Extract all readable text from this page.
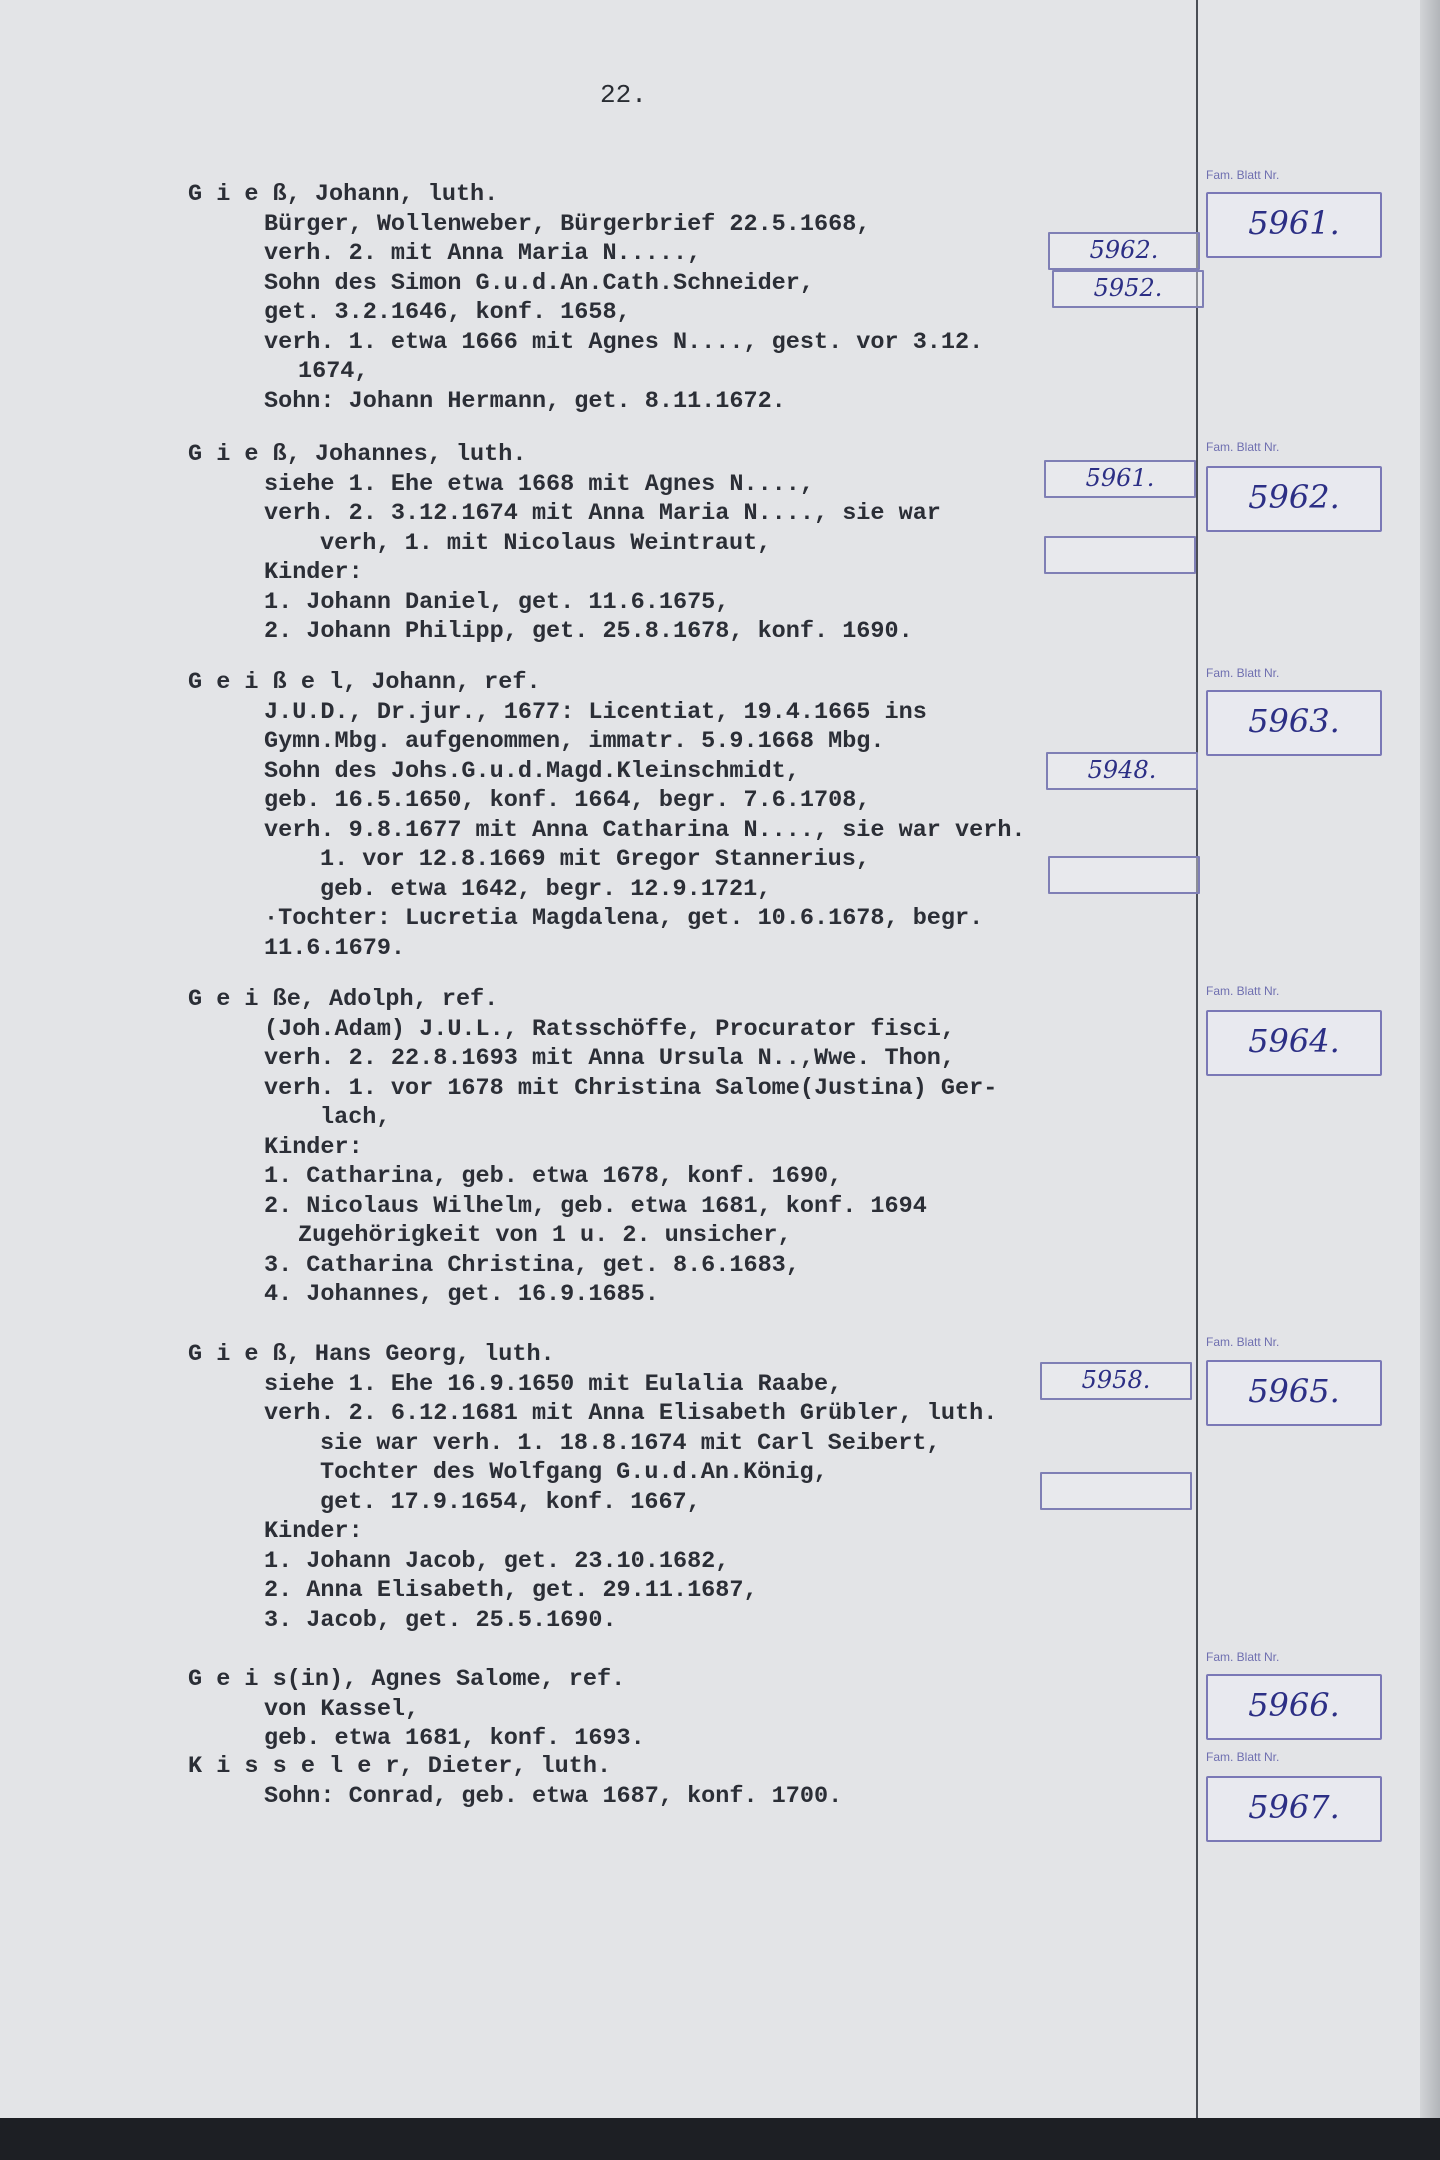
22.
G i e ß, Johann, luth.
Bürger, Wollenweber, Bürgerbrief 22.5.1668,
verh. 2. mit Anna Maria N.....,
Sohn des Simon G.u.d.An.Cath.Schneider,
get. 3.2.1646, konf. 1658,
verh. 1. etwa 1666 mit Agnes N...., gest. vor 3.12.
1674,
Sohn: Johann Hermann, get. 8.11.1672.
G i e ß, Johannes, luth.
siehe 1. Ehe etwa 1668 mit Agnes N....,
verh. 2. 3.12.1674 mit Anna Maria N...., sie war
verh, 1. mit Nicolaus Weintraut,
Kinder:
1. Johann Daniel, get. 11.6.1675,
2. Johann Philipp, get. 25.8.1678, konf. 1690.
G e i ß e l, Johann, ref.
J.U.D., Dr.jur., 1677: Licentiat, 19.4.1665 ins
Gymn.Mbg. aufgenommen, immatr. 5.9.1668 Mbg.
Sohn des Johs.G.u.d.Magd.Kleinschmidt,
geb. 16.5.1650, konf. 1664, begr. 7.6.1708,
verh. 9.8.1677 mit Anna Catharina N...., sie war verh.
1. vor 12.8.1669 mit Gregor Stannerius,
geb. etwa 1642, begr. 12.9.1721,
·Tochter: Lucretia Magdalena, get. 10.6.1678, begr.
11.6.1679.
G e i ße, Adolph, ref.
(Joh.Adam) J.U.L., Ratsschöffe, Procurator fisci,
verh. 2. 22.8.1693 mit Anna Ursula N..,Wwe. Thon,
verh. 1. vor 1678 mit Christina Salome(Justina) Ger-
lach,
Kinder:
1. Catharina, geb. etwa 1678, konf. 1690,
2. Nicolaus Wilhelm, geb. etwa 1681, konf. 1694
Zugehörigkeit von 1 u. 2. unsicher,
3. Catharina Christina, get. 8.6.1683,
4. Johannes, get. 16.9.1685.
G i e ß, Hans Georg, luth.
siehe 1. Ehe 16.9.1650 mit Eulalia Raabe,
verh. 2. 6.12.1681 mit Anna Elisabeth Grübler, luth.
sie war verh. 1. 18.8.1674 mit Carl Seibert,
Tochter des Wolfgang G.u.d.An.König,
get. 17.9.1654, konf. 1667,
Kinder:
1. Johann Jacob, get. 23.10.1682,
2. Anna Elisabeth, get. 29.11.1687,
3. Jacob, get. 25.5.1690.
G e i s(in), Agnes Salome, ref.
von Kassel,
geb. etwa 1681, konf. 1693.
K i s s e l e r, Dieter, luth.
Sohn: Conrad, geb. etwa 1687, konf. 1700.
Fam. Blatt Nr.
5961.
Fam. Blatt Nr.
5962.
Fam. Blatt Nr.
5963.
Fam. Blatt Nr.
5964.
Fam. Blatt Nr.
5965.
Fam. Blatt Nr.
5966.
Fam. Blatt Nr.
5967.
5962.
5952.
5961.
5948.
5958.
